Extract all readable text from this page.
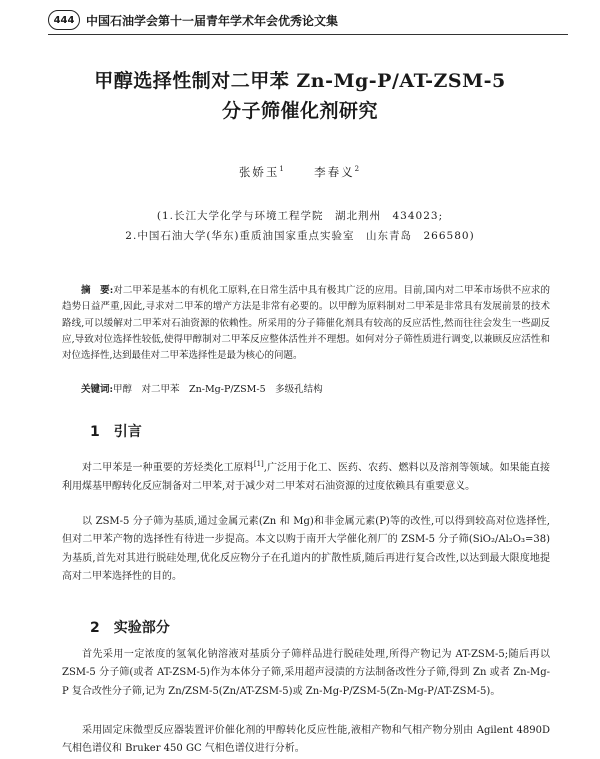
444 中国石油学会第十一届青年学术年会优秀论文集
甲醇选择性制对二甲苯 Zn-Mg-P/AT-ZSM-5
分子筛催化剂研究
张娇玉$^1$ 李春义$^2$
(1.长江大学化学与环境工程学院　湖北荆州　434023;
2.中国石油大学(华东)重质油国家重点实验室　山东青岛　266580)
摘　要:对二甲苯是基本的有机化工原料,在日常生活中具有极其广泛的应用。目前,国内对二甲苯市场供不应求的趋势日益严重,因此,寻求对二甲苯的增产方法是非常有必要的。以甲醇为原料制对二甲苯是非常具有发展前景的技术路线,可以缓解对二甲苯对石油资源的依赖性。所采用的分子筛催化剂具有较高的反应活性,然而往往会发生一些副反应,导致对位选择性较低,使得甲醇制对二甲苯反应整体活性并不理想。如何对分子筛性质进行调变,以兼顾反应活性和对位选择性,达到最佳对二甲苯选择性是最为核心的问题。
关键词:甲醇　对二甲苯　Zn-Mg-P/ZSM-5　多级孔结构
1 引言
对二甲苯是一种重要的芳烃类化工原料[1],广泛用于化工、医药、农药、燃料以及溶剂等领域。如果能直接利用煤基甲醇转化反应制备对二甲苯,对于减少对二甲苯对石油资源的过度依赖具有重要意义。
以 ZSM-5 分子筛为基质,通过金属元素(Zn 和 Mg)和非金属元素(P)等的改性,可以得到较高对位选择性,但对二甲苯产物的选择性有待进一步提高。本文以购于南开大学催化剂厂的 ZSM-5 分子筛(SiO₂/Al₂O₃=38)为基质,首先对其进行脱硅处理,优化反应物分子在孔道内的扩散性质,随后再进行复合改性,以达到最大限度地提高对二甲苯选择性的目的。
2 实验部分
首先采用一定浓度的氢氧化钠溶液对基质分子筛样品进行脱硅处理,所得产物记为 AT-ZSM-5;随后再以 ZSM-5 分子筛(或者 AT-ZSM-5)作为本体分子筛,采用超声浸渍的方法制备改性分子筛,得到 Zn 或者 Zn-Mg-P 复合改性分子筛,记为 Zn/ZSM-5(Zn/AT-ZSM-5)或 Zn-Mg-P/ZSM-5(Zn-Mg-P/AT-ZSM-5)。
采用固定床微型反应器装置评价催化剂的甲醇转化反应性能,液相产物和气相产物分别由 Agilent 4890D 气相色谱仪和 Bruker 450 GC 气相色谱仪进行分析。
